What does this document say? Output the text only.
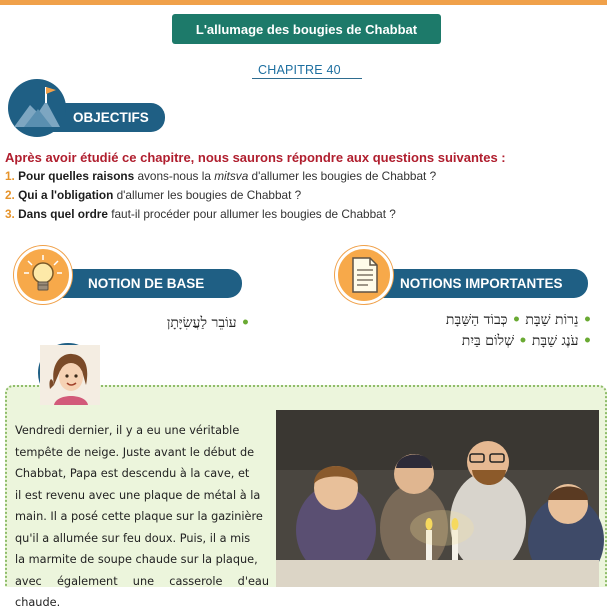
L'allumage des bougies de Chabbat
CHAPITRE 40
OBJECTIFS
Après avoir étudié ce chapitre, nous saurons répondre aux questions suivantes :
1. Pour quelles raisons avons-nous la mitsva d'allumer les bougies de Chabbat ?
2. Qui a l'obligation d'allumer les bougies de Chabbat ?
3. Dans quel ordre faut-il procéder pour allumer les bougies de Chabbat ?
NOTION DE BASE
• עוֹבֵר לַעֲשִׂיָּתָן
NOTIONS IMPORTANTES
• נֵרוֹת שַׁבָּת • כְּבוֹד הַשַּׁבָּת
• עֹנֶג שַׁבָּת • שְׁלוֹם בַּיִת
Vendredi dernier, il y a eu une véritable
tempête de neige. Juste avant le début de
Chabbat, Papa est descendu à la cave, et
il est revenu avec une plaque de métal à la
main. Il a posé cette plaque sur la gazinière
qu'il a allumée sur feu doux. Puis, il a mis
la marmite de soupe chaude sur la plaque,
avec également une casserole d'eau chaude.
